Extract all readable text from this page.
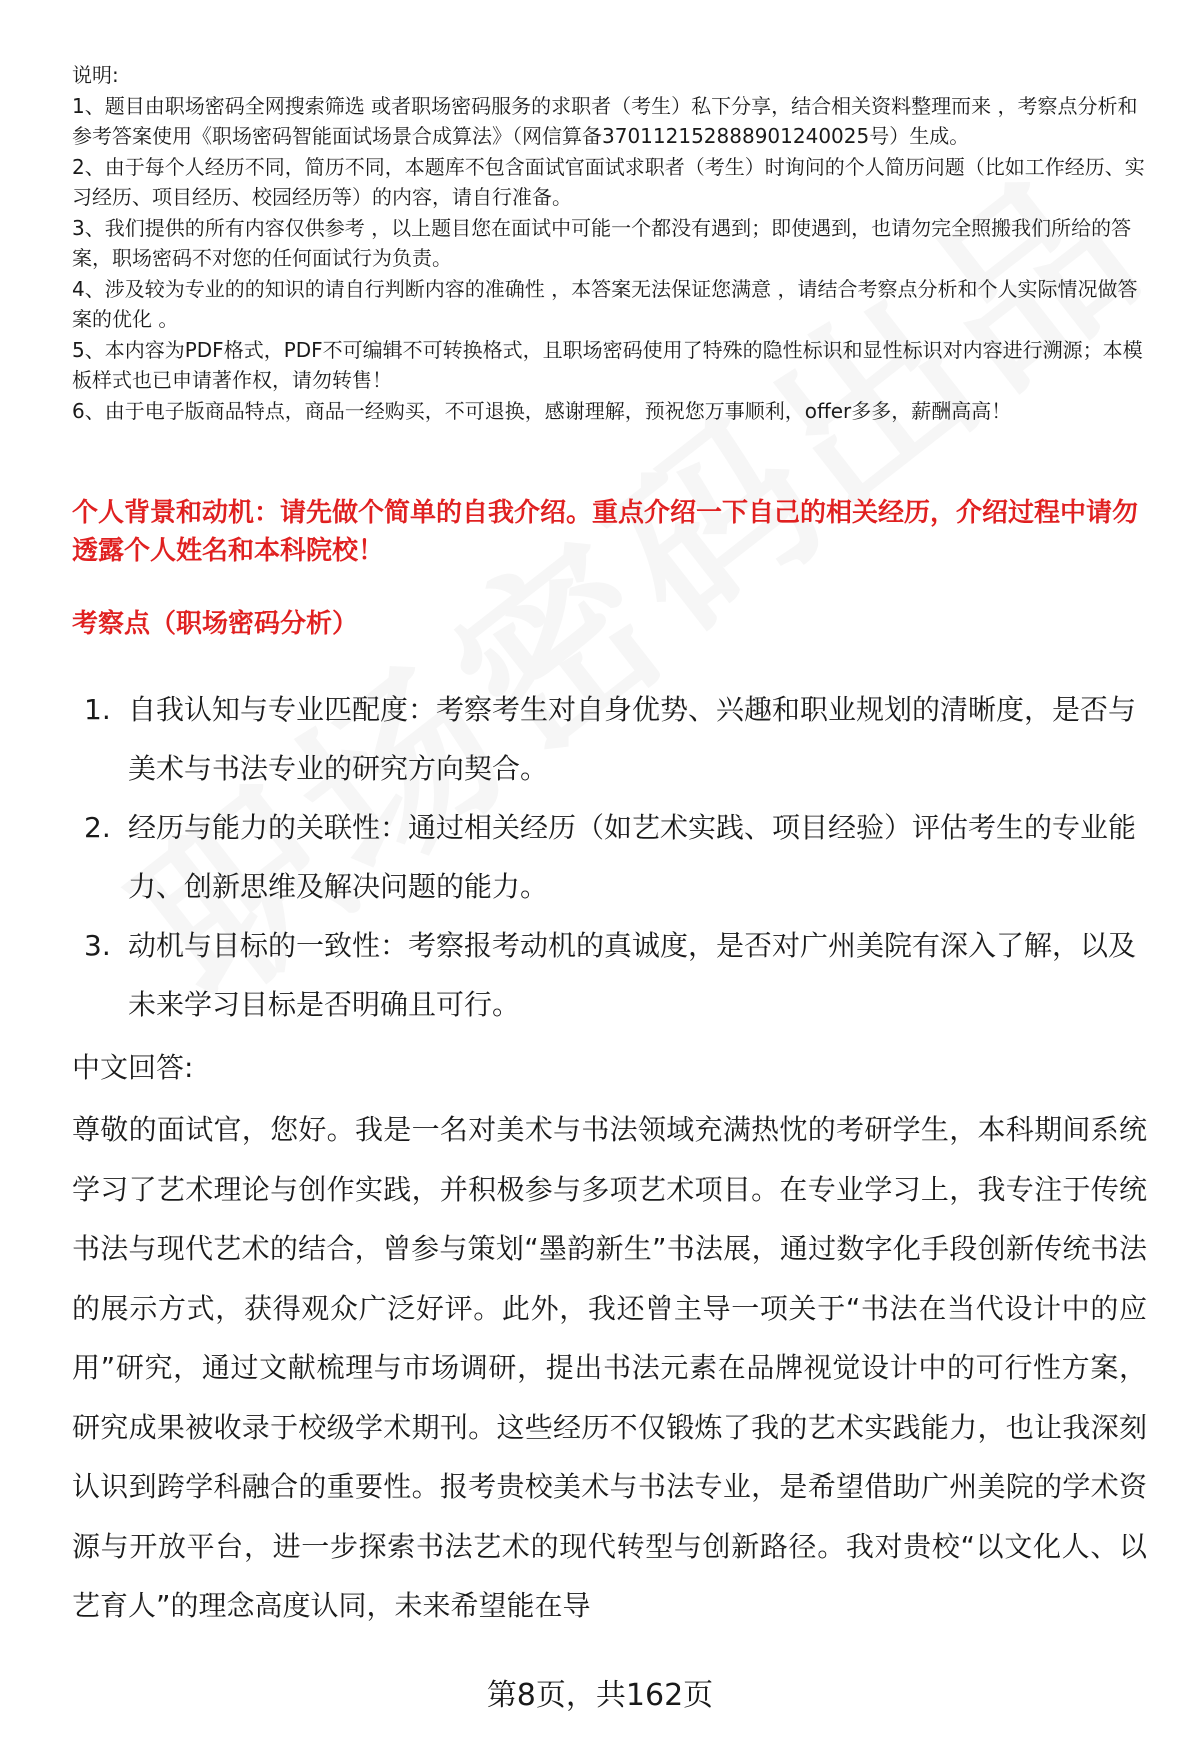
说明:

1、题目由职场密码全网搜索筛选 或者职场密码服务的求职者（考生）私下分享，结合相关资料整理而来 ，考察点分析和参考答案使用《职场密码智能面试场景合成算法》（网信算备370112152888901240025号）生成。

2、由于每个人经历不同，简历不同，本题库不包含面试官面试求职者（考生）时询问的个人简历问题（比如工作经历、实习经历、项目经历、校园经历等）的内容，请自行准备。

3、我们提供的所有内容仅供参考 ，以上题目您在面试中可能一个都没有遇到；即使遇到，也请勿完全照搬我们所给的答案，职场密码不对您的任何面试行为负责。

4、涉及较为专业的的知识的请自行判断内容的准确性 ，本答案无法保证您满意 ，请结合考察点分析和个人实际情况做答案的优化 。

5、本内容为PDF格式，PDF不可编辑不可转换格式，且职场密码使用了特殊的隐性标识和显性标识对内容进行溯源；本模板样式也已申请著作权，请勿转售！

6、由于电子版商品特点，商品一经购买，不可退换，感谢理解，预祝您万事顺利，offer多多，薪酬高高！

个人背景和动机：请先做个简单的自我介绍。重点介绍一下自己的相关经历，介绍过程中请勿透露个人姓名和本科院校！

考察点（职场密码分析）

1. 自我认知与专业匹配度：考察考生对自身优势、兴趣和职业规划的清晰度，是否与美术与书法专业的研究方向契合。
2. 经历与能力的关联性：通过相关经历（如艺术实践、项目经验）评估考生的专业能力、创新思维及解决问题的能力。
3. 动机与目标的一致性：考察报考动机的真诚度，是否对广州美院有深入了解，以及未来学习目标是否明确且可行。

中文回答:

尊敬的面试官，您好。我是一名对美术与书法领域充满热忱的考研学生，本科期间系统学习了艺术理论与创作实践，并积极参与多项艺术项目。在专业学习上，我专注于传统书法与现代艺术的结合，曾参与策划“墨韵新生”书法展，通过数字化手段创新传统书法的展示方式，获得观众广泛好评。此外，我还曾主导一项关于“书法在当代设计中的应用”研究，通过文献梳理与市场调研，提出书法元素在品牌视觉设计中的可行性方案，研究成果被收录于校级学术期刊。这些经历不仅锻炼了我的艺术实践能力，也让我深刻认识到跨学科融合的重要性。报考贵校美术与书法专业，是希望借助广州美院的学术资源与开放平台，进一步探索书法艺术的现代转型与创新路径。我对贵校“以文化人、以艺育人”的理念高度认同，未来希望能在导

第8页，共162页
